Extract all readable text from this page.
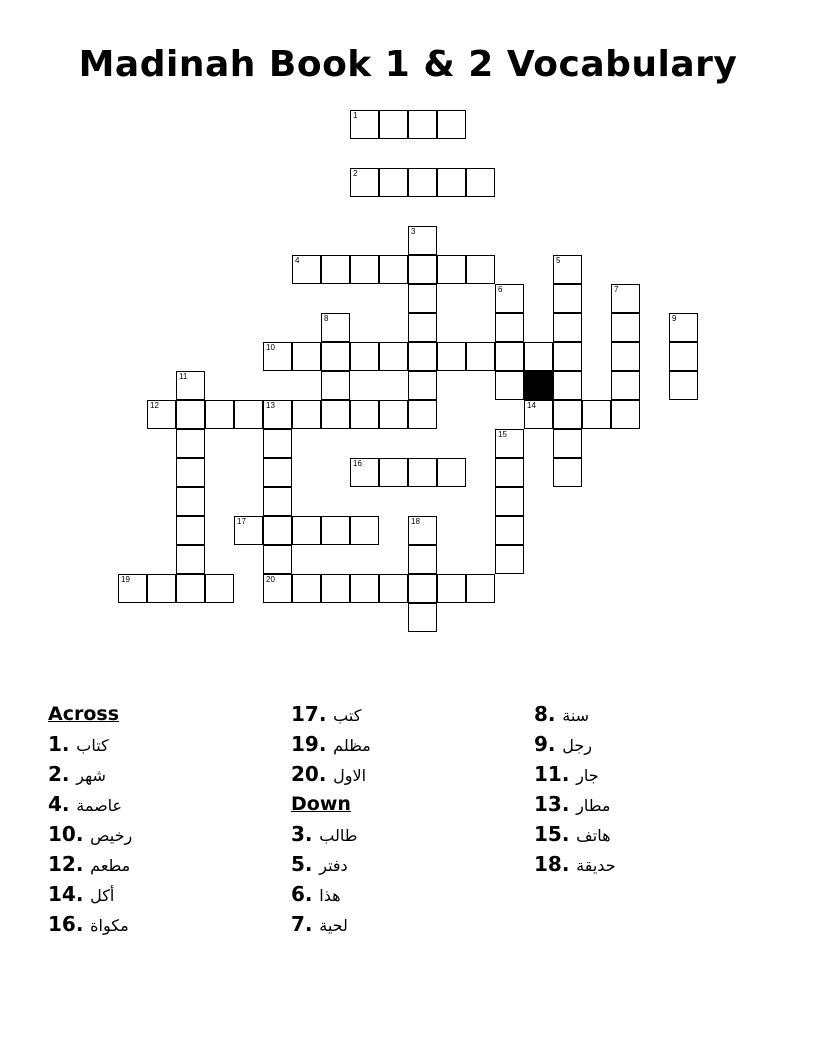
Madinah Book 1 & 2 Vocabulary
1
2
3
4	5
6	7
8	9
10
11
12	13	14
15
16
17	18
19	20
Across
1. كتاب
2. شهر
4. عاصمة
10. رخيص
12. مطعم
14. أكل
16. مكواة
17. كتب
19. مظلم
20. الاول
Down
3. طالب
5. دفتر
6. هذا
7. لحية
8. سنة
9. رجل
11. جار
13. مطار
15. هاتف
18. حديقة
